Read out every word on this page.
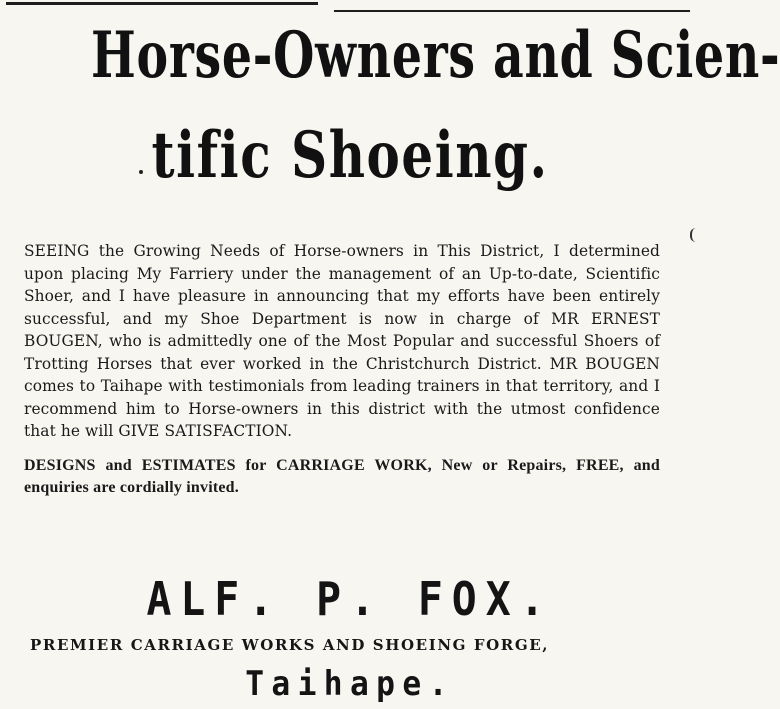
Horse-Owners and Scien-
tific Shoeing.

SEEING the Growing Needs of Horse-owners in This District, I determined upon placing My Farriery under the management of an Up-to-date, Scientific Shoer, and I have pleasure in announcing that my efforts have been entirely successful, and my Shoe Department is now in charge of MR ERNEST BOUGEN, who is admittedly one of the Most Popular and successful Shoers of Trotting Horses that ever worked in the Christchurch District. MR BOUGEN comes to Taihape with testimonials from leading trainers in that territory, and I recommend him to Horse-owners in this district with the utmost confidence that he will GIVE SATISFACTION.

DESIGNS and ESTIMATES for CARRIAGE WORK, New or Repairs, FREE, and enquiries are cordially invited.

ALF. P. FOX.
PREMIER CARRIAGE WORKS AND SHOEING FORGE,
Taihape.
